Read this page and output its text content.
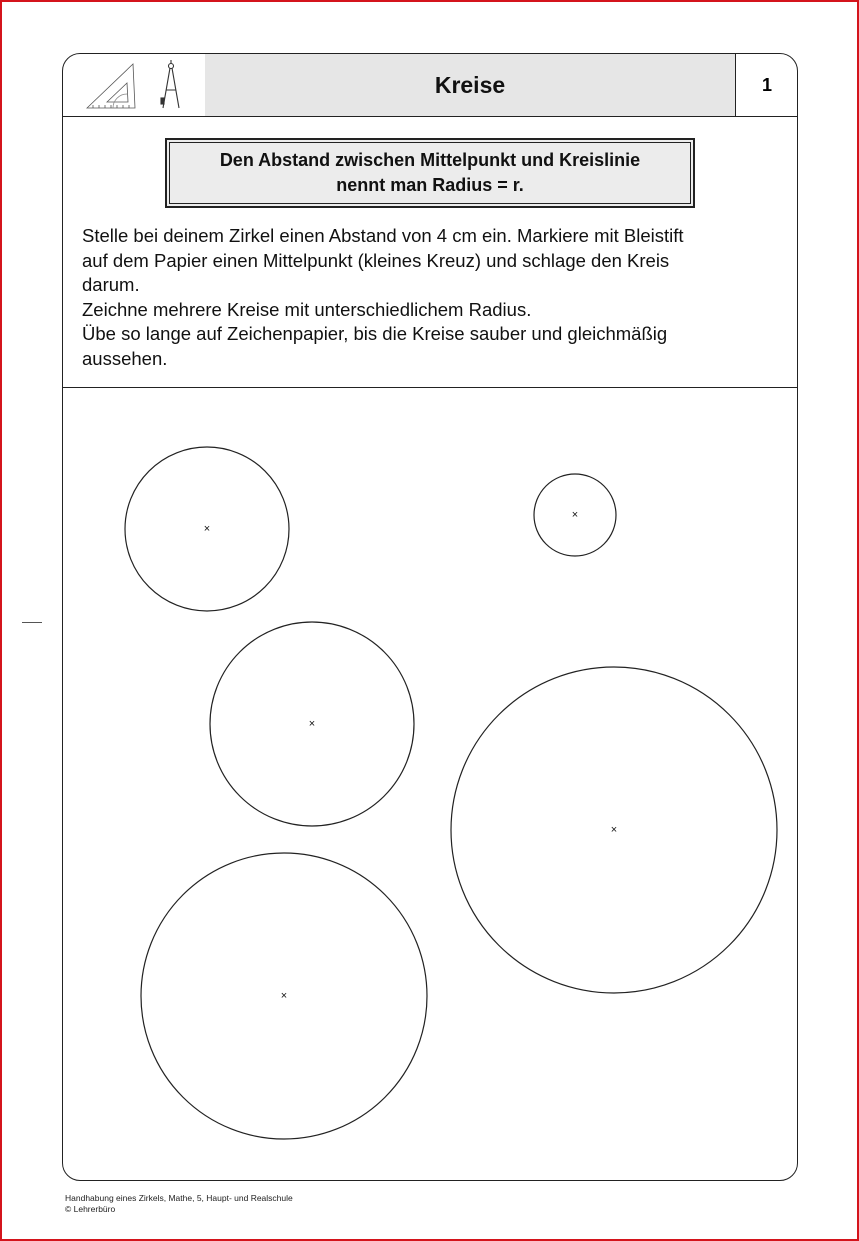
Kreise	1
Den Abstand zwischen Mittelpunkt und Kreislinie
nennt man Radius = r.

Stelle bei deinem Zirkel einen Abstand von 4 cm ein. Markiere mit Bleistift

auf dem Papier einen Mittelpunkt (kleines Kreuz) und schlage den Kreis

darum.

Zeichne mehrere Kreise mit unterschiedlichem Radius.

Übe so lange auf Zeichenpapier, bis die Kreise sauber und gleichmäßig

aussehen.

×
×
×
×
×

Handhabung eines Zirkels, Mathe, 5, Haupt- und Realschule

© Lehrerbüro
